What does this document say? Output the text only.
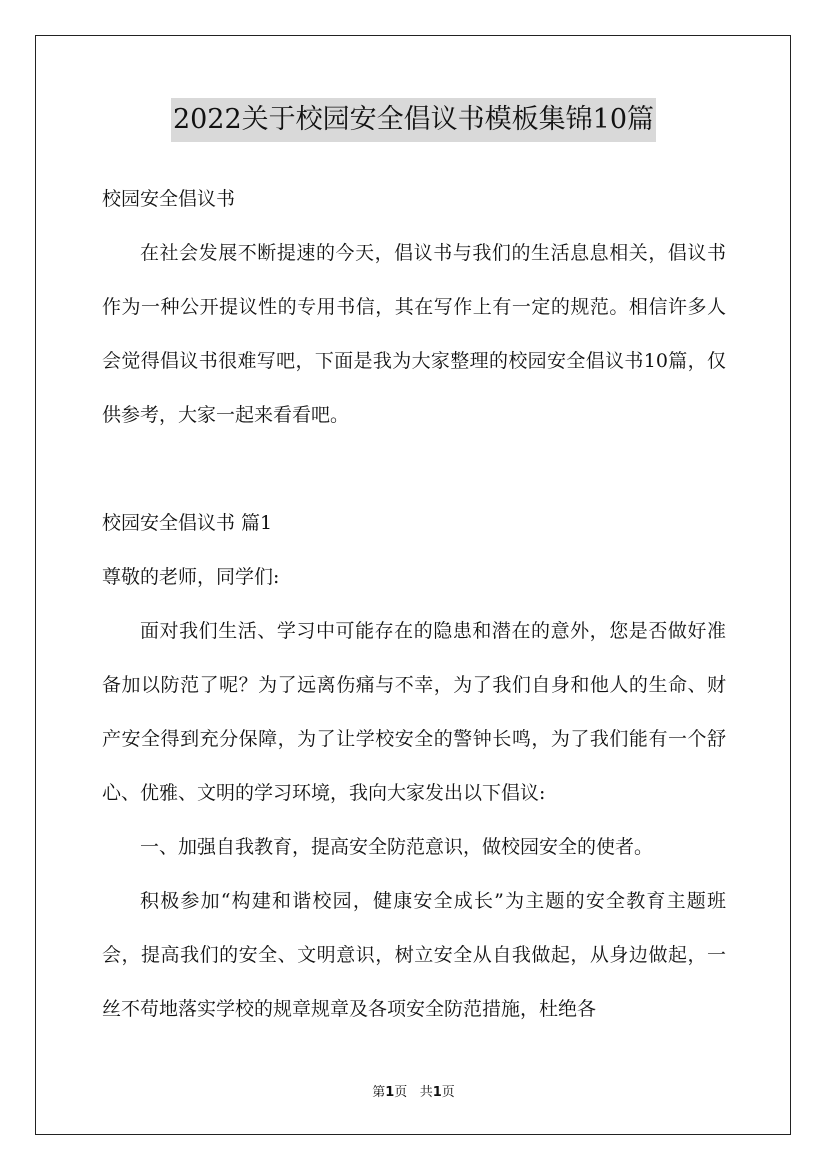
2022关于校园安全倡议书模板集锦10篇

校园安全倡议书

在社会发展不断提速的今天，倡议书与我们的生活息息相关，倡议书作为一种公开提议性的专用书信，其在写作上有一定的规范。相信许多人会觉得倡议书很难写吧，下面是我为大家整理的校园安全倡议书10篇，仅供参考，大家一起来看看吧。

校园安全倡议书 篇1

尊敬的老师，同学们:

面对我们生活、学习中可能存在的隐患和潜在的意外，您是否做好准备加以防范了呢？为了远离伤痛与不幸，为了我们自身和他人的生命、财产安全得到充分保障，为了让学校安全的警钟长鸣，为了我们能有一个舒心、优雅、文明的学习环境，我向大家发出以下倡议:

一、加强自我教育，提高安全防范意识，做校园安全的使者。

积极参加“构建和谐校园，健康安全成长”为主题的安全教育主题班会，提高我们的安全、文明意识，树立安全从自我做起，从身边做起，一丝不苟地落实学校的规章规章及各项安全防范措施，杜绝各

第1页 共1页
